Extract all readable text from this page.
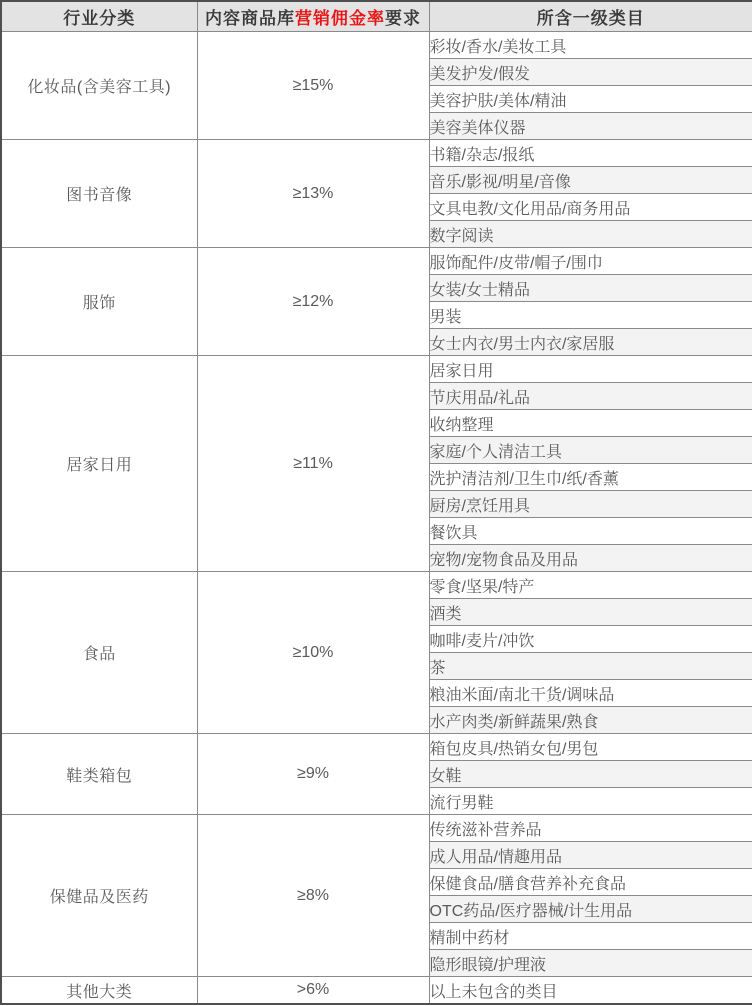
行业分类	内容商品库营销佣金率要求	所含一级类目
化妆品(含美容工具)	≥15%	彩妆/香水/美妆工具
		美发护发/假发
		美容护肤/美体/精油
		美容美体仪器
图书音像	≥13%	书籍/杂志/报纸
		音乐/影视/明星/音像
		文具电教/文化用品/商务用品
		数字阅读
服饰	≥12%	服饰配件/皮带/帽子/围巾
		女装/女士精品
		男装
		女士内衣/男士内衣/家居服
居家日用	≥11%	居家日用
		节庆用品/礼品
		收纳整理
		家庭/个人清洁工具
		洗护清洁剂/卫生巾/纸/香薰
		厨房/烹饪用具
		餐饮具
		宠物/宠物食品及用品
食品	≥10%	零食/坚果/特产
		酒类
		咖啡/麦片/冲饮
		茶
		粮油米面/南北干货/调味品
		水产肉类/新鲜蔬果/熟食
鞋类箱包	≥9%	箱包皮具/热销女包/男包
		女鞋
		流行男鞋
保健品及医药	≥8%	传统滋补营养品
		成人用品/情趣用品
		保健食品/膳食营养补充食品
		OTC药品/医疗器械/计生用品
		精制中药材
		隐形眼镜/护理液
其他大类	>6%	以上未包含的类目
